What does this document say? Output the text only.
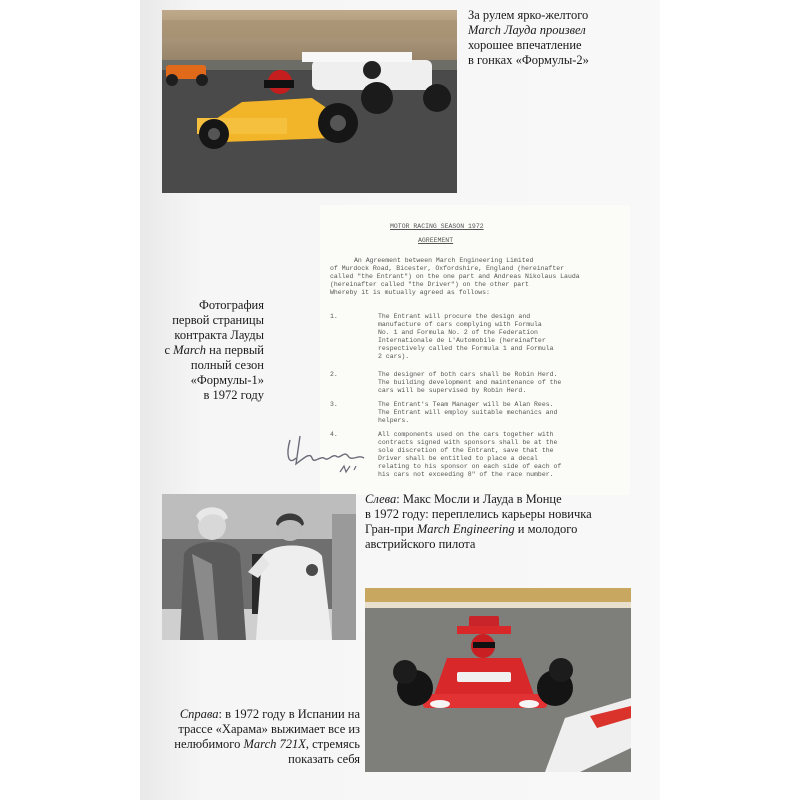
За рулем ярко-желтого
March Лауда произвел
хорошее впечатление
в гонках «Формулы-2»

MOTOR RACING SEASON 1972

AGREEMENT

An Agreement between March Engineering Limited

of Murdock Road, Bicester, Oxfordshire, England (hereinafter

called "the Entrant") on the one part and Andreas Nikolaus Lauda

(hereinafter called "the Driver") on the other part

Whereby it is mutually agreed as follows:

1.	The Entrant will procure the design and

manufacture of cars complying with Formula

No. 1 and Formula No. 2 of the Federation

Internationale de L'Automobile (hereinafter

respectively called the Formula 1 and Formula

2 cars).

2.	The designer of both cars shall be Robin Herd.

The building development and maintenance of the

cars will be supervised by Robin Herd.

3.	The Entrant's Team Manager will be Alan Rees.

The Entrant will employ suitable mechanics and

helpers.

4.	All components used on the cars together with

contracts signed with sponsors shall be at the

sole discretion of the Entrant, save that the

Driver shall be entitled to place a decal

relating to his sponsor on each side of each of

his cars not exceeding 8" of the race number.

Фотография
первой страницы
контракта Лауды
с March на первый
полный сезон
«Формулы-1»
в 1972 году
Слева: Макс Мосли и Лауда в Монце
в 1972 году: переплелись карьеры новичка
Гран-при March Engineering и молодого
австрийского пилота
Справа: в 1972 году в Испании на
трассе «Харама» выжимает все из
нелюбимого March 721X, стремясь
показать себя
